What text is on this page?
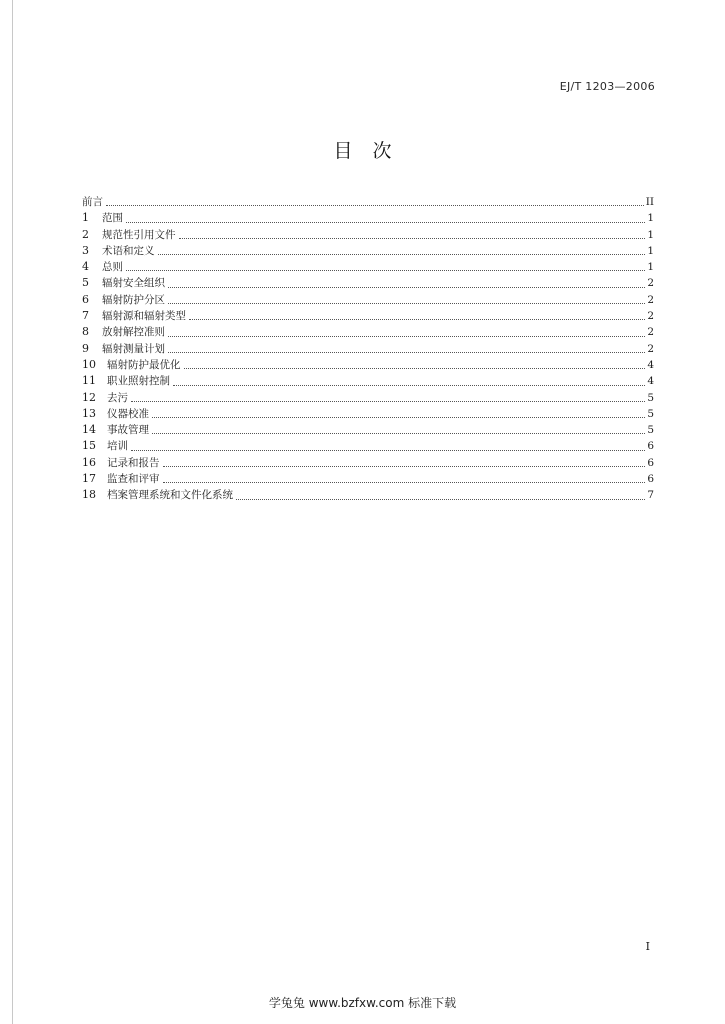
EJ/T 1203—2006
目次
前言	II
1	范围	1
2	规范性引用文件	1
3	术语和定义	1
4	总则	1
5	辐射安全组织	2
6	辐射防护分区	2
7	辐射源和辐射类型	2
8	放射解控准则	2
9	辐射测量计划	2
10	辐射防护最优化	4
11	职业照射控制	4
12	去污	5
13	仪器校准	5
14	事故管理	5
15	培训	6
16	记录和报告	6
17	监查和评审	6
18	档案管理系统和文件化系统	7
I
学兔兔 www.bzfxw.com 标准下载
